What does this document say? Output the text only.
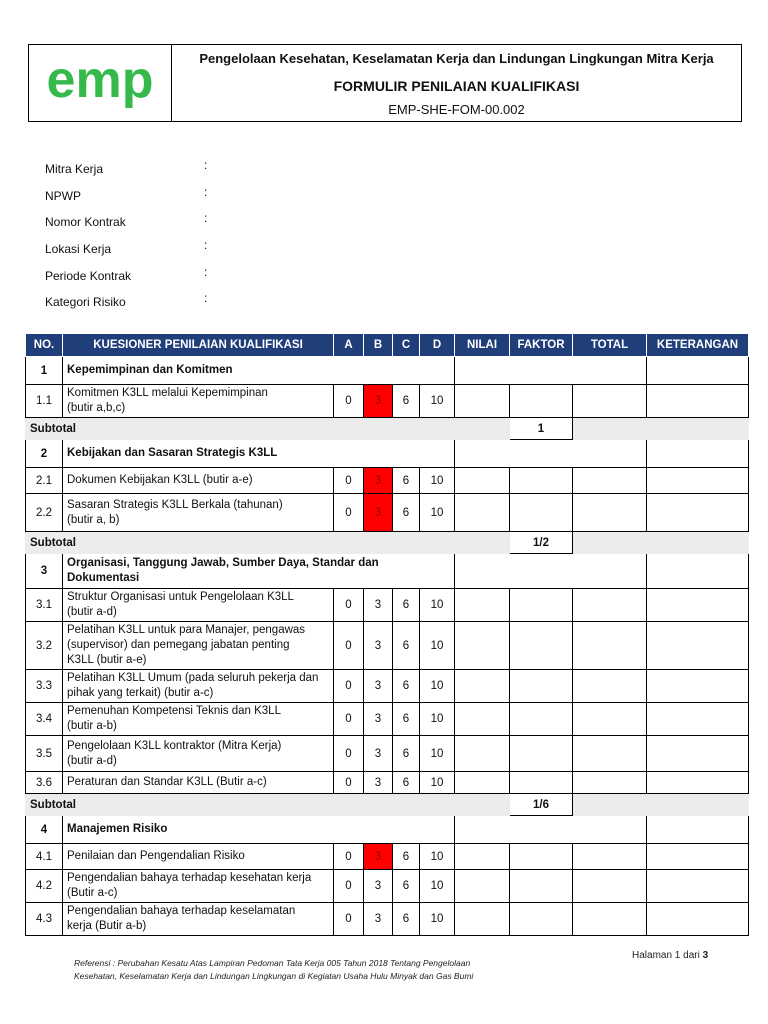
emp	Pengelolaan Kesehatan, Keselamatan Kerja dan Lindungan Lingkungan Mitra Kerja
FORMULIR PENILAIAN KUALIFIKASI
EMP-SHE-FOM-00.002
Mitra Kerja	:
NPWP	:
Nomor Kontrak	:
Lokasi Kerja	:
Periode Kontrak	:
Kategori Risiko	:
NO.	KUESIONER PENILAIAN KUALIFIKASI	A	B	C	D	NILAI	FAKTOR	TOTAL	KETERANGAN
1	Kepemimpinan dan Komitmen								

1.1	Komitmen K3LL melalui Kepemimpinan
(butir a,b,c)	0	3	6	10				
Subtotal							1		
2	Kebijakan dan Sasaran Strategis K3LL								

2.1	Dokumen Kebijakan K3LL (butir a-e)	0	3	6	10				
2.2	Sasaran Strategis K3LL Berkala (tahunan)
(butir a, b)	0	3	6	10				
Subtotal							1/2		
3	Organisasi, Tanggung Jawab, Sumber Daya, Standar dan Dokumentasi								

3.1	Struktur Organisasi untuk Pengelolaan K3LL
(butir a-d)	0	3	6	10				
3.2	Pelatihan K3LL untuk para Manajer, pengawas
(supervisor) dan pemegang jabatan penting
K3LL (butir a-e)	0	3	6	10				
3.3	Pelatihan K3LL Umum (pada seluruh pekerja dan
pihak yang terkait) (butir a-c)	0	3	6	10				
3.4	Pemenuhan Kompetensi Teknis dan K3LL
(butir a-b)	0	3	6	10				
3.5	Pengelolaan K3LL kontraktor (Mitra Kerja)
(butir a-d)	0	3	6	10				
3.6	Peraturan dan Standar K3LL (Butir a-c)	0	3	6	10				
Subtotal							1/6		
4	Manajemen Risiko								

4.1	Penilaian dan Pengendalian Risiko	0	3	6	10				
4.2	Pengendalian bahaya terhadap kesehatan kerja
(Butir a-c)	0	3	6	10				
4.3	Pengendalian bahaya terhadap keselamatan
kerja (Butir a-b)	0	3	6	10				
Referensi : Perubahan Kesatu Atas Lampiran Pedoman Tata Kerja 005 Tahun 2018 Tentang Pengelolaan
Kesehatan, Keselamatan Kerja dan Lindungan Lingkungan di Kegiatan Usaha Hulu Minyak dan Gas Bumi
Halaman 1 dari 3
